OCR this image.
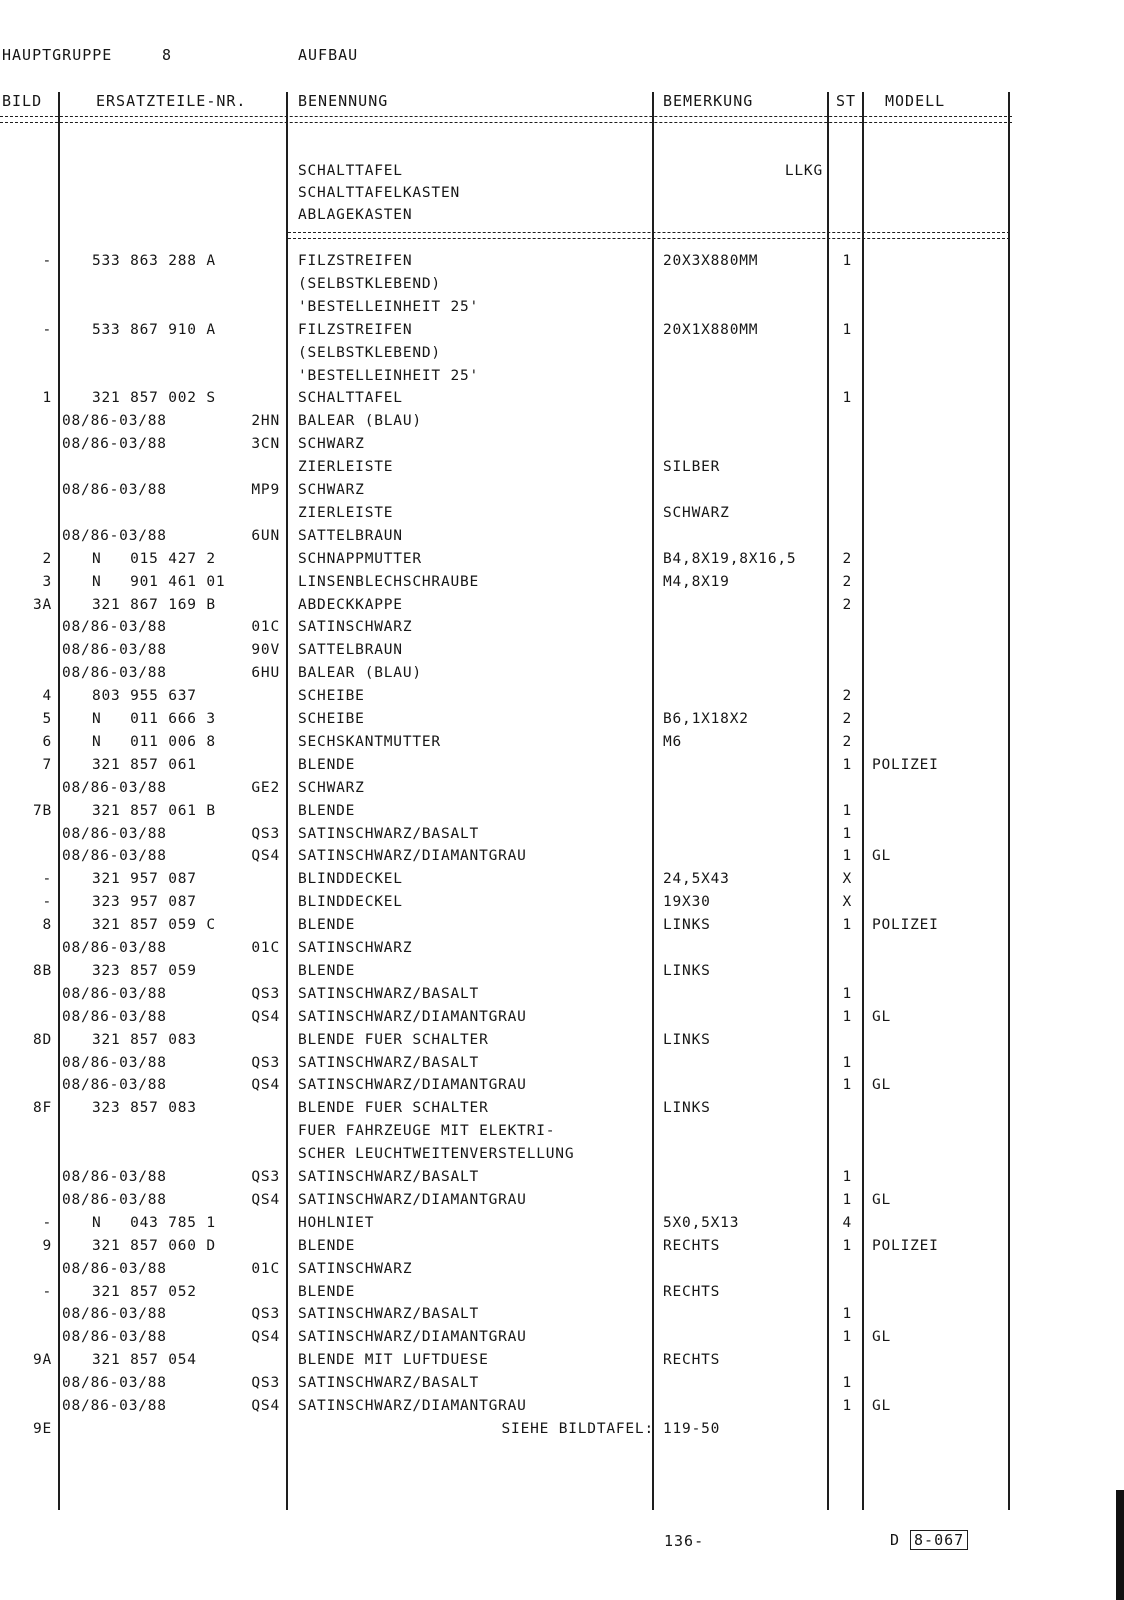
HAUPTGRUPPE	8	AUFBAU
BILD	ERSATZTEILE-NR.	BENENNUNG	BEMERKUNG	ST MODELL
SCHALTTAFEL	LLKG
SCHALTTAFELKASTEN
ABLAGEKASTEN
-	533 863 288 A	FILZSTREIFEN	20X3X880MM	1
(SELBSTKLEBEND)
'BESTELLEINHEIT 25'
-	533 867 910 A	FILZSTREIFEN	20X1X880MM	1
(SELBSTKLEBEND)
'BESTELLEINHEIT 25'
1	321 857 002 S	SCHALTTAFEL	1
08/86-03/88	2HN BALEAR (BLAU)
08/86-03/88	3CN SCHWARZ
ZIERLEISTE	SILBER
08/86-03/88	MP9 SCHWARZ
ZIERLEISTE	SCHWARZ
08/86-03/88	6UN SATTELBRAUN
2	N   015 427 2	SCHNAPPMUTTER	B4,8X19,8X16,5	2
3	N   901 461 01	LINSENBLECHSCHRAUBE	M4,8X19	2
3A	321 867 169 B	ABDECKKAPPE	2
08/86-03/88	01C SATINSCHWARZ
08/86-03/88	90V SATTELBRAUN
08/86-03/88	6HU BALEAR (BLAU)
4	803 955 637	SCHEIBE	2
5	N   011 666 3	SCHEIBE	B6,1X18X2	2
6	N   011 006 8	SECHSKANTMUTTER	M6	2
7	321 857 061	BLENDE	1 POLIZEI
08/86-03/88	GE2 SCHWARZ
7B	321 857 061 B	BLENDE	1
08/86-03/88	QS3 SATINSCHWARZ/BASALT	1
08/86-03/88	QS4 SATINSCHWARZ/DIAMANTGRAU	1 GL
-	321 957 087	BLINDDECKEL	24,5X43	X
-	323 957 087	BLINDDECKEL	19X30	X
8	321 857 059 C	BLENDE	LINKS	1 POLIZEI
08/86-03/88	01C SATINSCHWARZ
8B	323 857 059	BLENDE	LINKS
08/86-03/88	QS3 SATINSCHWARZ/BASALT	1
08/86-03/88	QS4 SATINSCHWARZ/DIAMANTGRAU	1 GL
8D	321 857 083	BLENDE FUER SCHALTER	LINKS
08/86-03/88	QS3 SATINSCHWARZ/BASALT	1
08/86-03/88	QS4 SATINSCHWARZ/DIAMANTGRAU	1 GL
8F	323 857 083	BLENDE FUER SCHALTER	LINKS
FUER FAHRZEUGE MIT ELEKTRI-
SCHER LEUCHTWEITENVERSTELLUNG
08/86-03/88	QS3 SATINSCHWARZ/BASALT	1
08/86-03/88	QS4 SATINSCHWARZ/DIAMANTGRAU	1 GL
-	N   043 785 1	HOHLNIET	5X0,5X13	4
9	321 857 060 D	BLENDE	RECHTS	1 POLIZEI
08/86-03/88	01C SATINSCHWARZ
-	321 857 052	BLENDE	RECHTS
08/86-03/88	QS3 SATINSCHWARZ/BASALT	1
08/86-03/88	QS4 SATINSCHWARZ/DIAMANTGRAU	1 GL
9A	321 857 054	BLENDE MIT LUFTDUESE	RECHTS
08/86-03/88	QS3 SATINSCHWARZ/BASALT	1
08/86-03/88	QS4 SATINSCHWARZ/DIAMANTGRAU	1 GL
9E	SIEHE BILDTAFEL: 119-50
136-	D 8-067
